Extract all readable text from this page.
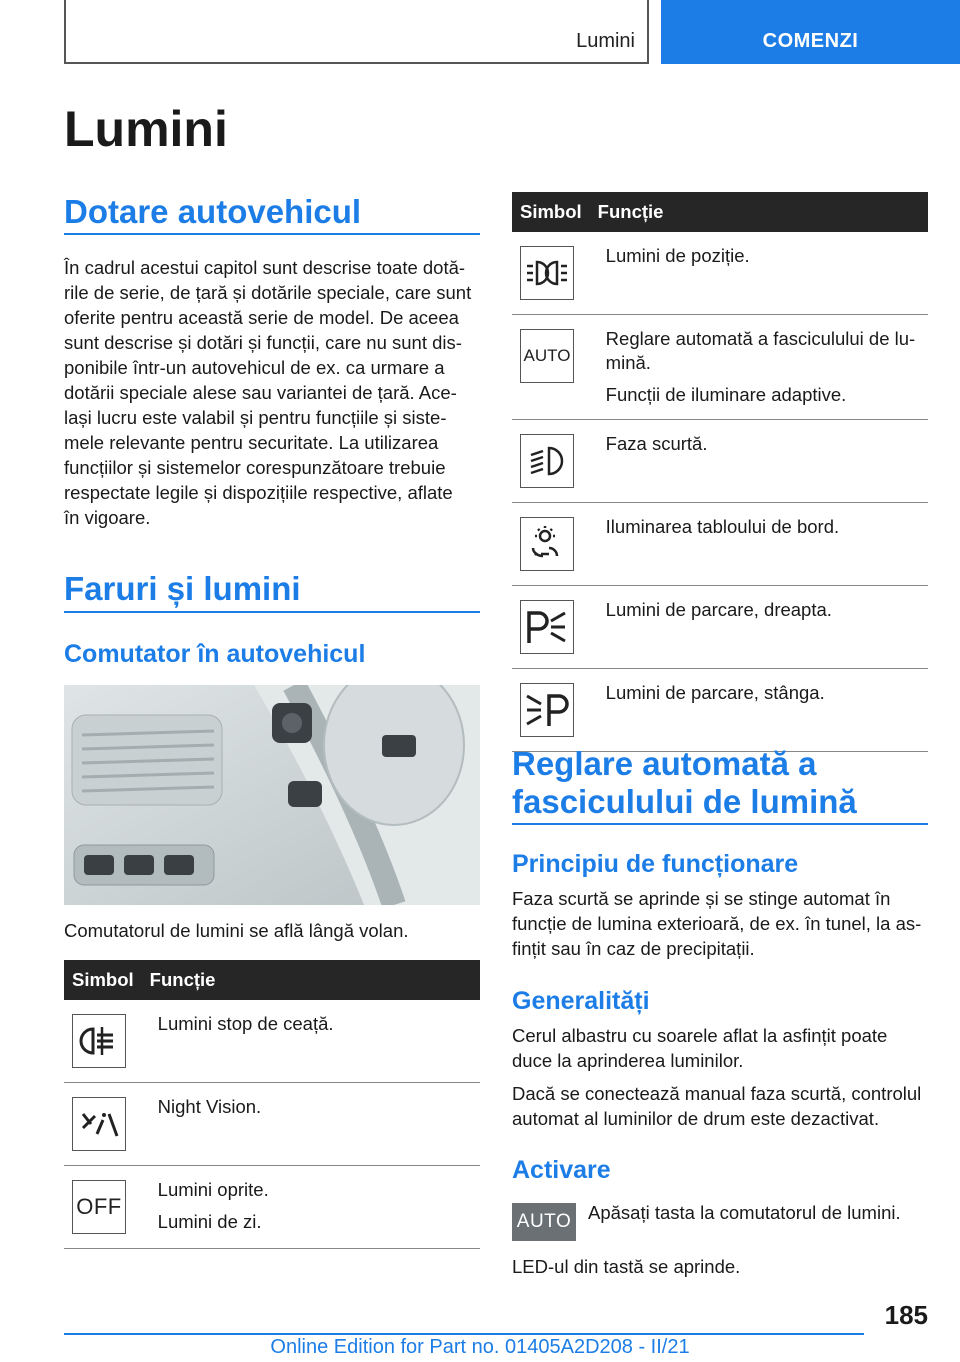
Lumini	COMENZI
Lumini
Dotare autovehicul
În cadrul acestui capitol sunt descrise toate dotă-
rile de serie, de țară și dotările speciale, care sunt
oferite pentru această serie de model. De aceea
sunt descrise și dotări și funcții, care nu sunt dis-
ponibile într-un autovehicul de ex. ca urmare a
dotării speciale alese sau variantei de țară. Ace-
lași lucru este valabil și pentru funcțiile și siste-
mele relevante pentru securitate. La utilizarea
funcțiilor și sistemelor corespunzătoare trebuie
respectate legile și dispozițiile respective, aflate
în vigoare.
Faruri și lumini
Comutator în autovehicul
Comutatorul de lumini se află lângă volan.
Simbol	Funcție

Lumini stop de ceață.

Night Vision.

OFF	Lumini oprite.

Lumini de zi.

Simbol	Funcție

Lumini de poziție.

AUTO	Reglare automată a fasciculului de lu-
mină.

Funcții de iluminare adaptive.

Faza scurtă.

Iluminarea tabloului de bord.

Lumini de parcare, dreapta.

Lumini de parcare, stânga.

Reglare automată a
fasciculului de lumină
Principiu de funcționare
Faza scurtă se aprinde și se stinge automat în
funcție de lumina exterioară, de ex. în tunel, la as-
fințit sau în caz de precipitații.
Generalități
Cerul albastru cu soarele aflat la asfințit poate
duce la aprinderea luminilor.
Dacă se conectează manual faza scurtă, controlul
automat al luminilor de drum este dezactivat.
Activare
AUTO Apăsați tasta la comutatorul de lumini.
LED-ul din tastă se aprinde.
185
Online Edition for Part no. 01405A2D208 - II/21
